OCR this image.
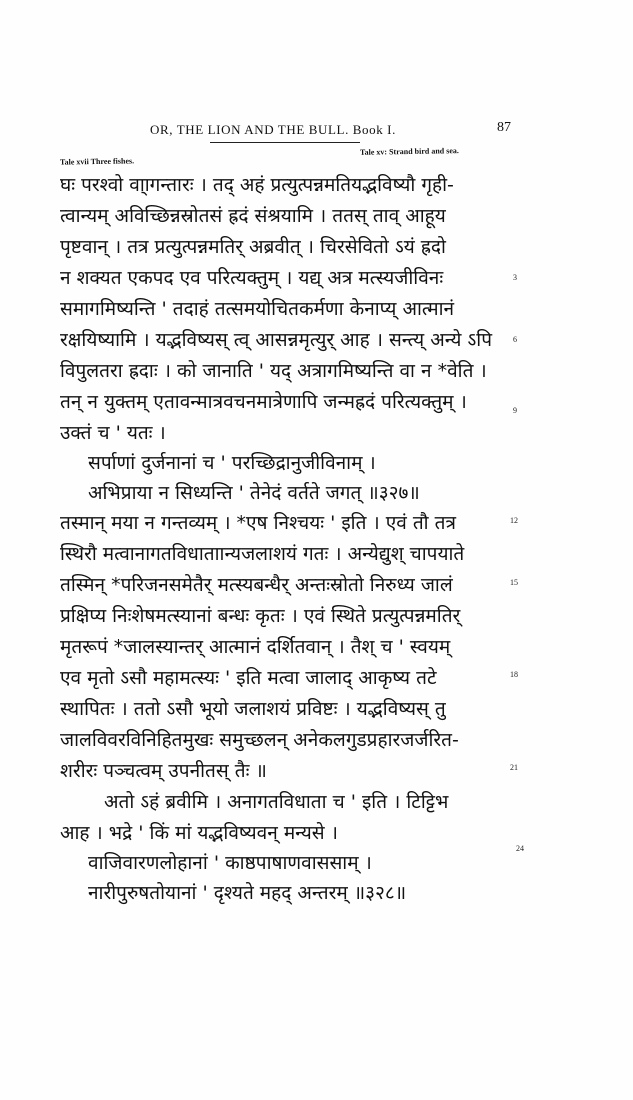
OR, THE LION AND THE BULL. Book I.	87
Tale xvii Three fishes.
Tale xv: Strand bird and sea.
घः परश्वो वा्ागन्तारः । तद् अहं प्रत्युत्पन्नमतियद्भविष्यौ गृही-
त्वान्यम् अविच्छिन्नस्रोतसं ह्रदं संश्रयामि । ततस् ताव् आहूय
पृष्टवान् । तत्र प्रत्युत्पन्नमतिर् अब्रवीत् । चिरसेवितो ऽयं ह्रदो
न शक्यत एकपद एव परित्यक्तुम् । यद्य् अत्र मत्स्यजीविनः
समागमिष्यन्ति ' तदाहं तत्समयोचितकर्मणा केनाप्य् आत्मानं
रक्षयिष्यामि । यद्भविष्यस् त्व् आसन्नमृत्युर् आह । सन्त्य् अन्ये ऽपि
विपुलतरा ह्रदाः । को जानाति ' यद् अत्रागमिष्यन्ति वा न *वेति ।
तन् न युक्तम् एतावन्मात्रवचनमात्रेणापि जन्मह्रदं परित्यक्तुम् ।
उक्तं च ' यतः ।
सर्पाणां दुर्जनानां च ' परच्छिद्रानुजीविनाम् ।
अभिप्राया न सिध्यन्ति ' तेनेदं वर्तते जगत् ॥३२७॥
तस्मान् मया न गन्तव्यम् । *एष निश्चयः ' इति । एवं तौ तत्र
स्थिरौ मत्वानागतविधाताान्यजलाशयं गतः । अन्येद्युश् चापयाते
तस्मिन् *परिजनसमेतैर् मत्स्यबन्धैर् अन्तःस्रोतो निरुध्य जालं
प्रक्षिप्य निःशेषमत्स्यानां बन्धः कृतः । एवं स्थिते प्रत्युत्पन्नमतिर्
मृतरूपं *जालस्यान्तर् आत्मानं दर्शितवान् । तैश् च ' स्वयम्
एव मृतो ऽसौ महामत्स्यः ' इति मत्वा जालाद् आकृष्य तटे
स्थापितः । ततो ऽसौ भूयो जलाशयं प्रविष्टः । यद्भविष्यस् तु
जालविवरविनिहितमुखः समुच्छलन् अनेकलगुडप्रहारजर्जरित-
शरीरः पञ्चत्वम् उपनीतस् तैः ॥
अतो ऽहं ब्रवीमि । अनागतविधाता च ' इति । टिट्टिभ
आह । भद्रे ' किं मां यद्भविष्यवन् मन्यसे ।
वाजिवारणलोहानां ' काष्ठपाषाणवाससाम् ।
नारीपुरुषतोयानां ' दृश्यते महद् अन्तरम् ॥३२८॥
3
6
9
12
15
18
21
24
